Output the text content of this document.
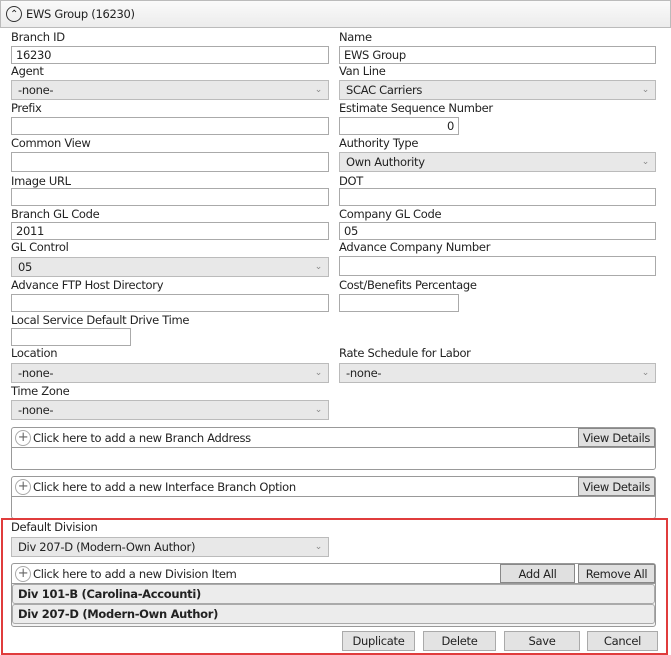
⌃ EWS Group (16230)
Branch ID
16230
Agent
-none-	⌄
Prefix
Common View
Image URL
Branch GL Code
2011
GL Control
05	⌄
Advance FTP Host Directory
Local Service Default Drive Time
Location
-none-	⌄
Time Zone
-none-	⌄
Name
EWS Group
Van Line
SCAC Carriers	⌄
Estimate Sequence Number
0
Authority Type
Own Authority	⌄
DOT
Company GL Code
05
Advance Company Number
Cost/Benefits Percentage
Rate Schedule for Labor
-none-	⌄
+ Click here to add a new Branch Address	View Details
+ Click here to add a new Interface Branch Option	View Details
Default Division
Div 207-D (Modern-Own Author)	⌄
+ Click here to add a new Division Item	Add All	Remove All
Div 101-B (Carolina-Accounti)
Div 207-D (Modern-Own Author)
Duplicate	Delete	Save	Cancel
